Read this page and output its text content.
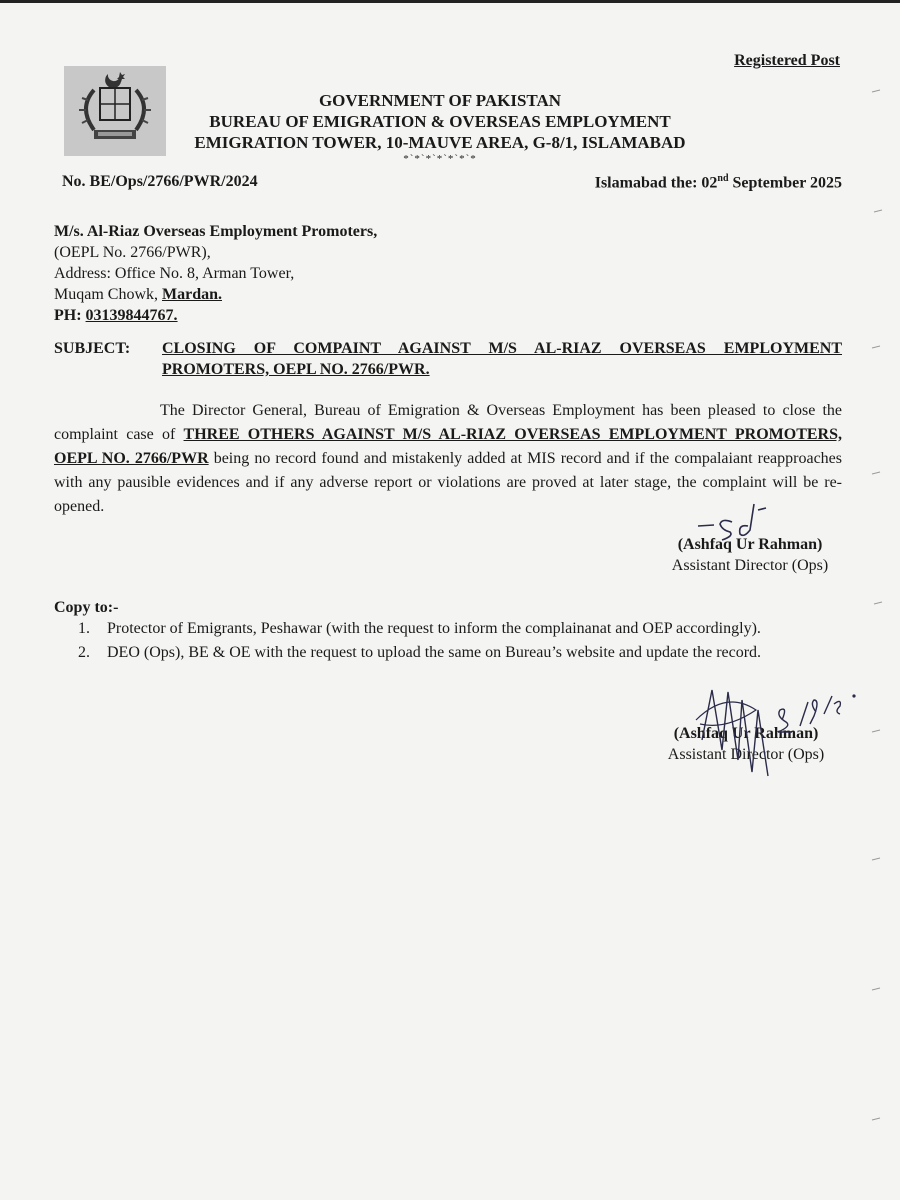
Registered Post
GOVERNMENT OF PAKISTAN
BUREAU OF EMIGRATION & OVERSEAS EMPLOYMENT
EMIGRATION TOWER, 10-MAUVE AREA, G-8/1, ISLAMABAD
*`*`*`*`*`*`*
No. BE/Ops/2766/PWR/2024	Islamabad the: 02nd September 2025
M/s. Al-Riaz Overseas Employment Promoters,
(OEPL No. 2766/PWR),
Address: Office No. 8, Arman Tower,
Muqam Chowk, Mardan.
PH: 03139844767.
SUBJECT: CLOSING OF COMPAINT AGAINST M/S AL-RIAZ OVERSEAS EMPLOYMENT PROMOTERS, OEPL NO. 2766/PWR.
The Director General, Bureau of Emigration & Overseas Employment has been pleased to close the complaint case of THREE OTHERS AGAINST M/S AL-RIAZ OVERSEAS EMPLOYMENT PROMOTERS, OEPL NO. 2766/PWR being no record found and mistakenly added at MIS record and if the compalaiant reapproaches with any pausible evidences and if any adverse report or violations are proved at later stage, the complaint will be re-opened.
(Ashfaq Ur Rahman)
Assistant Director (Ops)
Copy to:-
1. Protector of Emigrants, Peshawar (with the request to inform the complainanat and OEP accordingly).
2. DEO (Ops), BE & OE with the request to upload the same on Bureau’s website and update the record.
(Ashfaq Ur Rahman)
Assistant Director (Ops)
